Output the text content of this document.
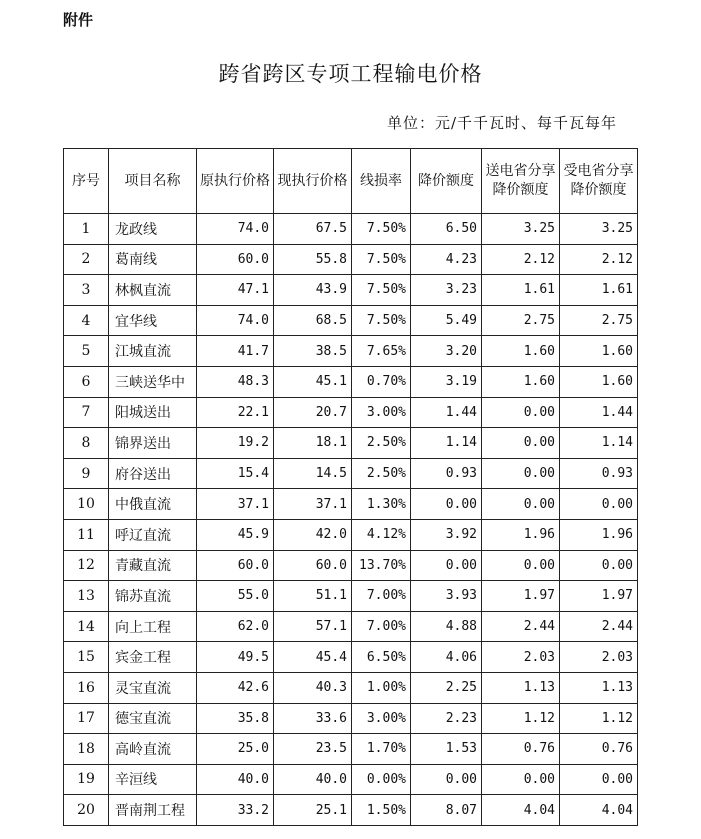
附件
跨省跨区专项工程输电价格
单位：元/千千瓦时、每千瓦每年
序号	项目名称	原执行价格	现执行价格	线损率	降价额度	送电省分享降价额度	受电省分享降价额度
1	龙政线	74.0	67.5	7.50%	6.50	3.25	3.25
2	葛南线	60.0	55.8	7.50%	4.23	2.12	2.12
3	林枫直流	47.1	43.9	7.50%	3.23	1.61	1.61
4	宜华线	74.0	68.5	7.50%	5.49	2.75	2.75
5	江城直流	41.7	38.5	7.65%	3.20	1.60	1.60
6	三峡送华中	48.3	45.1	0.70%	3.19	1.60	1.60
7	阳城送出	22.1	20.7	3.00%	1.44	0.00	1.44
8	锦界送出	19.2	18.1	2.50%	1.14	0.00	1.14
9	府谷送出	15.4	14.5	2.50%	0.93	0.00	0.93
10	中俄直流	37.1	37.1	1.30%	0.00	0.00	0.00
11	呼辽直流	45.9	42.0	4.12%	3.92	1.96	1.96
12	青藏直流	60.0	60.0	13.70%	0.00	0.00	0.00
13	锦苏直流	55.0	51.1	7.00%	3.93	1.97	1.97
14	向上工程	62.0	57.1	7.00%	4.88	2.44	2.44
15	宾金工程	49.5	45.4	6.50%	4.06	2.03	2.03
16	灵宝直流	42.6	40.3	1.00%	2.25	1.13	1.13
17	德宝直流	35.8	33.6	3.00%	2.23	1.12	1.12
18	高岭直流	25.0	23.5	1.70%	1.53	0.76	0.76
19	辛洹线	40.0	40.0	0.00%	0.00	0.00	0.00
20	晋南荆工程	33.2	25.1	1.50%	8.07	4.04	4.04
